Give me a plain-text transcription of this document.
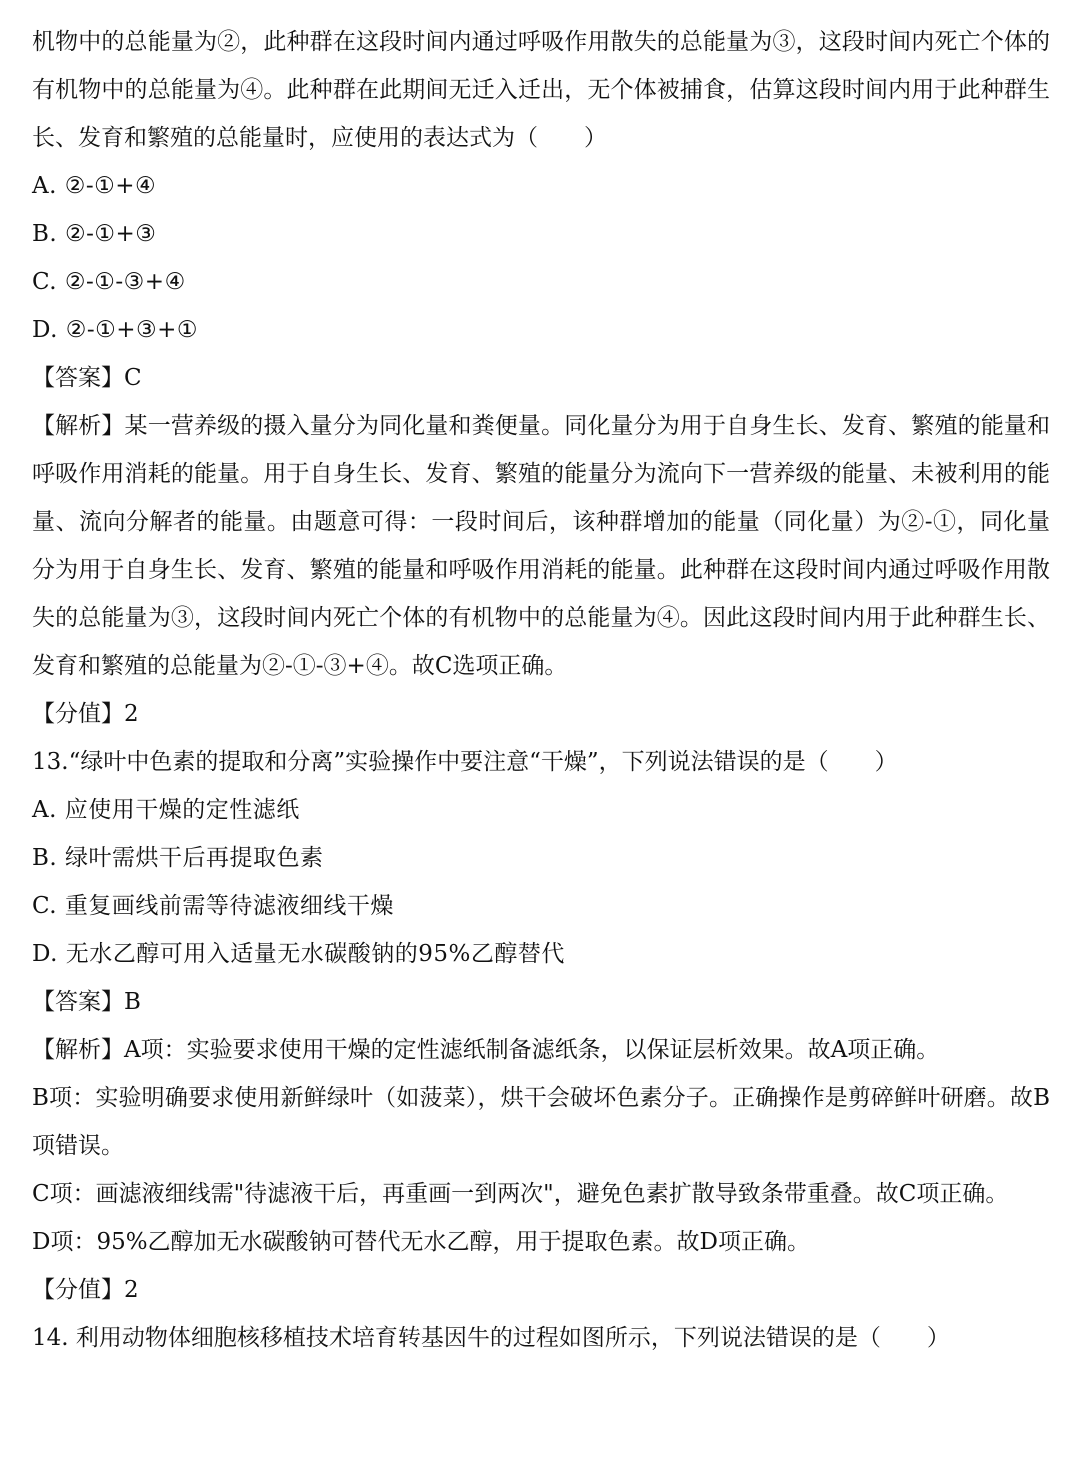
机物中的总能量为②，此种群在这段时间内通过呼吸作用散失的总能量为③，这段时间内死亡个体的有机物中的总能量为④。此种群在此期间无迁入迁出，无个体被捕食，估算这段时间内用于此种群生长、发育和繁殖的总能量时，应使用的表达式为（　　）

A. ②-①+④

B. ②-①+③

C. ②-①-③+④

D. ②-①+③+①

【答案】C

【解析】某一营养级的摄入量分为同化量和粪便量。同化量分为用于自身生长、发育、繁殖的能量和呼吸作用消耗的能量。用于自身生长、发育、繁殖的能量分为流向下一营养级的能量、未被利用的能量、流向分解者的能量。由题意可得：一段时间后，该种群增加的能量（同化量）为②-①，同化量分为用于自身生长、发育、繁殖的能量和呼吸作用消耗的能量。此种群在这段时间内通过呼吸作用散失的总能量为③，这段时间内死亡个体的有机物中的总能量为④。因此这段时间内用于此种群生长、发育和繁殖的总能量为②-①-③+④。故C选项正确。

【分值】2

13.“绿叶中色素的提取和分离”实验操作中要注意“干燥”，下列说法错误的是（　　）

A. 应使用干燥的定性滤纸

B. 绿叶需烘干后再提取色素

C. 重复画线前需等待滤液细线干燥

D. 无水乙醇可用入适量无水碳酸钠的95%乙醇替代

【答案】B

【解析】A项：实验要求使用干燥的定性滤纸制备滤纸条，以保证层析效果。故A项正确。

B项：实验明确要求使用新鲜绿叶（如菠菜），烘干会破坏色素分子。正确操作是剪碎鲜叶研磨。故B项错误。

C项：画滤液细线需"待滤液干后，再重画一到两次"，避免色素扩散导致条带重叠。故C项正确。

D项：95%乙醇加无水碳酸钠可替代无水乙醇，用于提取色素。故D项正确。

【分值】2

14. 利用动物体细胞核移植技术培育转基因牛的过程如图所示，下列说法错误的是（　　）
